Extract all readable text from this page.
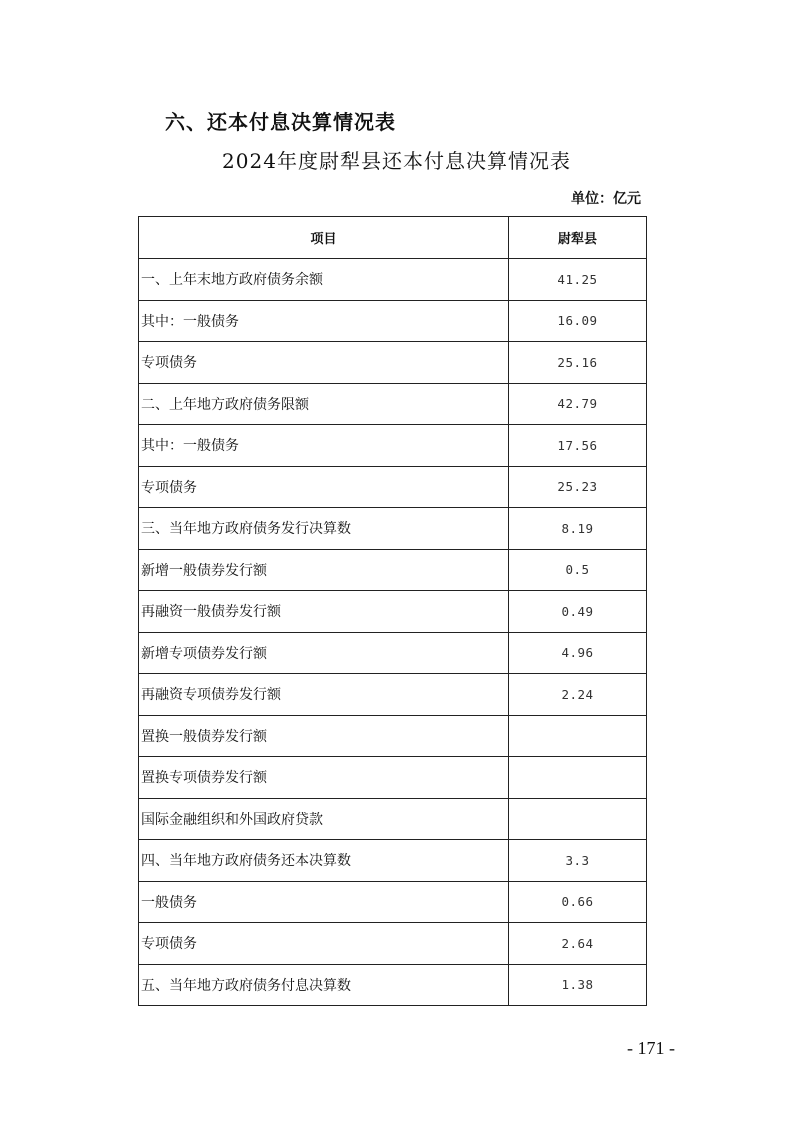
六、还本付息决算情况表
2024年度尉犁县还本付息决算情况表
单位：亿元
项目	尉犁县
一、上年末地方政府债务余额	41.25
其中：一般债务	16.09
专项债务	25.16
二、上年地方政府债务限额	42.79
其中：一般债务	17.56
专项债务	25.23
三、当年地方政府债务发行决算数	8.19
新增一般债券发行额	0.5
再融资一般债券发行额	0.49
新增专项债券发行额	4.96
再融资专项债券发行额	2.24
置换一般债券发行额	
置换专项债券发行额	
国际金融组织和外国政府贷款	
四、当年地方政府债务还本决算数	3.3
一般债务	0.66
专项债务	2.64
五、当年地方政府债务付息决算数	1.38
- 171 -
